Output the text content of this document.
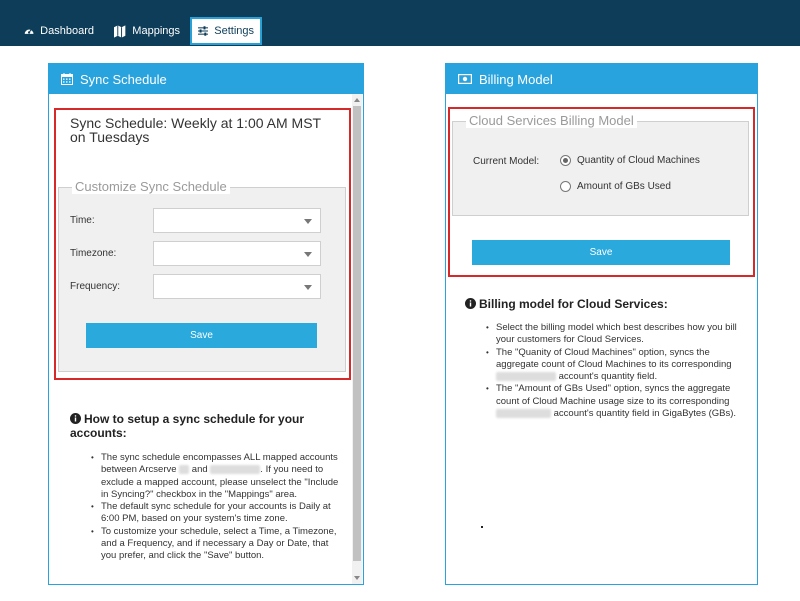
Dashboard	Mappings	Settings
Sync Schedule
Sync Schedule: Weekly at 1:00 AM MST on Tuesdays
Customize Sync Schedule
Time:
Timezone:
Frequency:
Save
How to setup a sync schedule for your accounts:
• The sync schedule encompasses ALL mapped accounts between Arcserve  and	. If you need to exclude a mapped account, please unselect the "Include in Syncing?" checkbox in the "Mappings" area.
• The default sync schedule for your accounts is Daily at 6:00 PM, based on your system's time zone.
• To customize your schedule, select a Time, a Timezone, and a Frequency, and if necessary a Day or Date, that you prefer, and click the "Save" button.
Billing Model
Cloud Services Billing Model
Current Model:	Quantity of Cloud Machines
Amount of GBs Used
Save
Billing model for Cloud Services:
• Select the billing model which best describes how you bill your customers for Cloud Services.
• The "Quanity of Cloud Machines" option, syncs the aggregate count of Cloud Machines to its corresponding  account's quantity field.
• The "Amount of GBs Used" option, syncs the aggregate count of Cloud Machine usage size to its corresponding  account's quantity field in GigaBytes (GBs).
